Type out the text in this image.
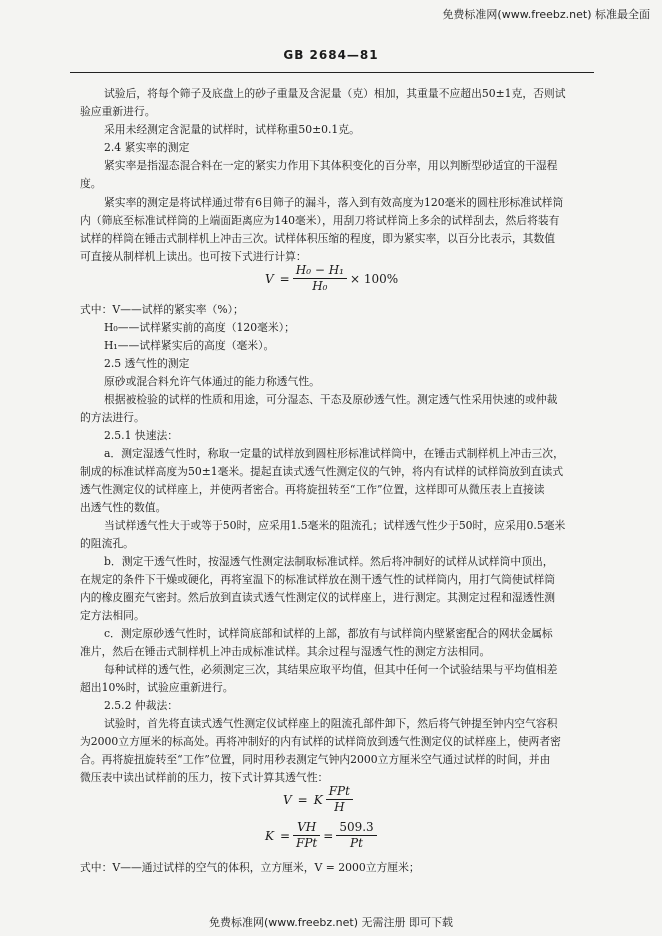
免费标准网(www.freebz.net) 标准最全面
GB 2684—81
试验后，将每个筛子及底盘上的砂子重量及含泥量（克）相加，其重量不应超出50±1克，否则试
验应重新进行。
采用未经测定含泥量的试样时，试样称重50±0.1克。
2.4 紧实率的测定
紧实率是指湿态混合料在一定的紧实力作用下其体积变化的百分率，用以判断型砂适宜的干湿程
度。
紧实率的测定是将试样通过带有6目筛子的漏斗，落入到有效高度为120毫米的圆柱形标准试样筒
内（筛底至标准试样筒的上端面距离应为140毫米），用刮刀将试样筒上多余的试样刮去，然后将装有
试样的样筒在锤击式制样机上冲击三次。试样体积压缩的程度，即为紧实率，以百分比表示，其数值
可直接从制样机上读出。也可按下式进行计算：
$V = \frac{\text{H₀ − H₁}}{\text{H₀}} \times 100\%$
式中：V——试样的紧实率（%）；
H₀——试样紧实前的高度（120毫米）；
H₁——试样紧实后的高度（毫米）。
2.5 透气性的测定
原砂或混合料允许气体通过的能力称透气性。
根据被检验的试样的性质和用途，可分湿态、干态及原砂透气性。测定透气性采用快速的或仲裁
的方法进行。
2.5.1 快速法：
a．测定湿透气性时，称取一定量的试样放到圆柱形标准试样筒中，在锤击式制样机上冲击三次，
制成的标准试样高度为50±1毫米。提起直读式透气性测定仪的气钟，将内有试样的试样筒放到直读式
透气性测定仪的试样座上，并使两者密合。再将旋扭转至“工作”位置，这样即可从微压表上直接读
出透气性的数值。
当试样透气性大于或等于50时，应采用1.5毫米的阻流孔；试样透气性少于50时，应采用0.5毫米
的阻流孔。
b．测定干透气性时，按湿透气性测定法制取标准试样。然后将冲制好的试样从试样筒中顶出，
在规定的条件下干燥或硬化，再将室温下的标准试样放在测干透气性的试样筒内，用打气筒使试样筒
内的橡皮圈充气密封。然后放到直读式透气性测定仪的试样座上，进行测定。其测定过程和湿透性测
定方法相同。
c．测定原砂透气性时，试样筒底部和试样的上部，都放有与试样筒内壁紧密配合的网状金属标
准片，然后在锤击式制样机上冲击成标准试样。其余过程与湿透气性的测定方法相同。
每种试样的透气性，必须测定三次，其结果应取平均值，但其中任何一个试验结果与平均值相差
超出10%时，试验应重新进行。
2.5.2 仲裁法：
试验时，首先将直读式透气性测定仪试样座上的阻流孔部件卸下，然后将气钟提至钟内空气容积
为2000立方厘米的标高处。再将冲制好的内有试样的试样筒放到透气性测定仪的试样座上，使两者密
合。再将旋扭旋转至“工作”位置，同时用秒表测定气钟内2000立方厘米空气通过试样的时间，并由
微压表中读出试样前的压力，按下式计算其透气性：
V = K $\frac{\text{FPt}}{H}$
$K = \frac{VH}{\text{FPt}} = \frac{509.3}{Pt}$
式中：V——通过试样的空气的体积，立方厘米，V = 2000立方厘米；
免费标准网(www.freebz.net) 无需注册 即可下载
